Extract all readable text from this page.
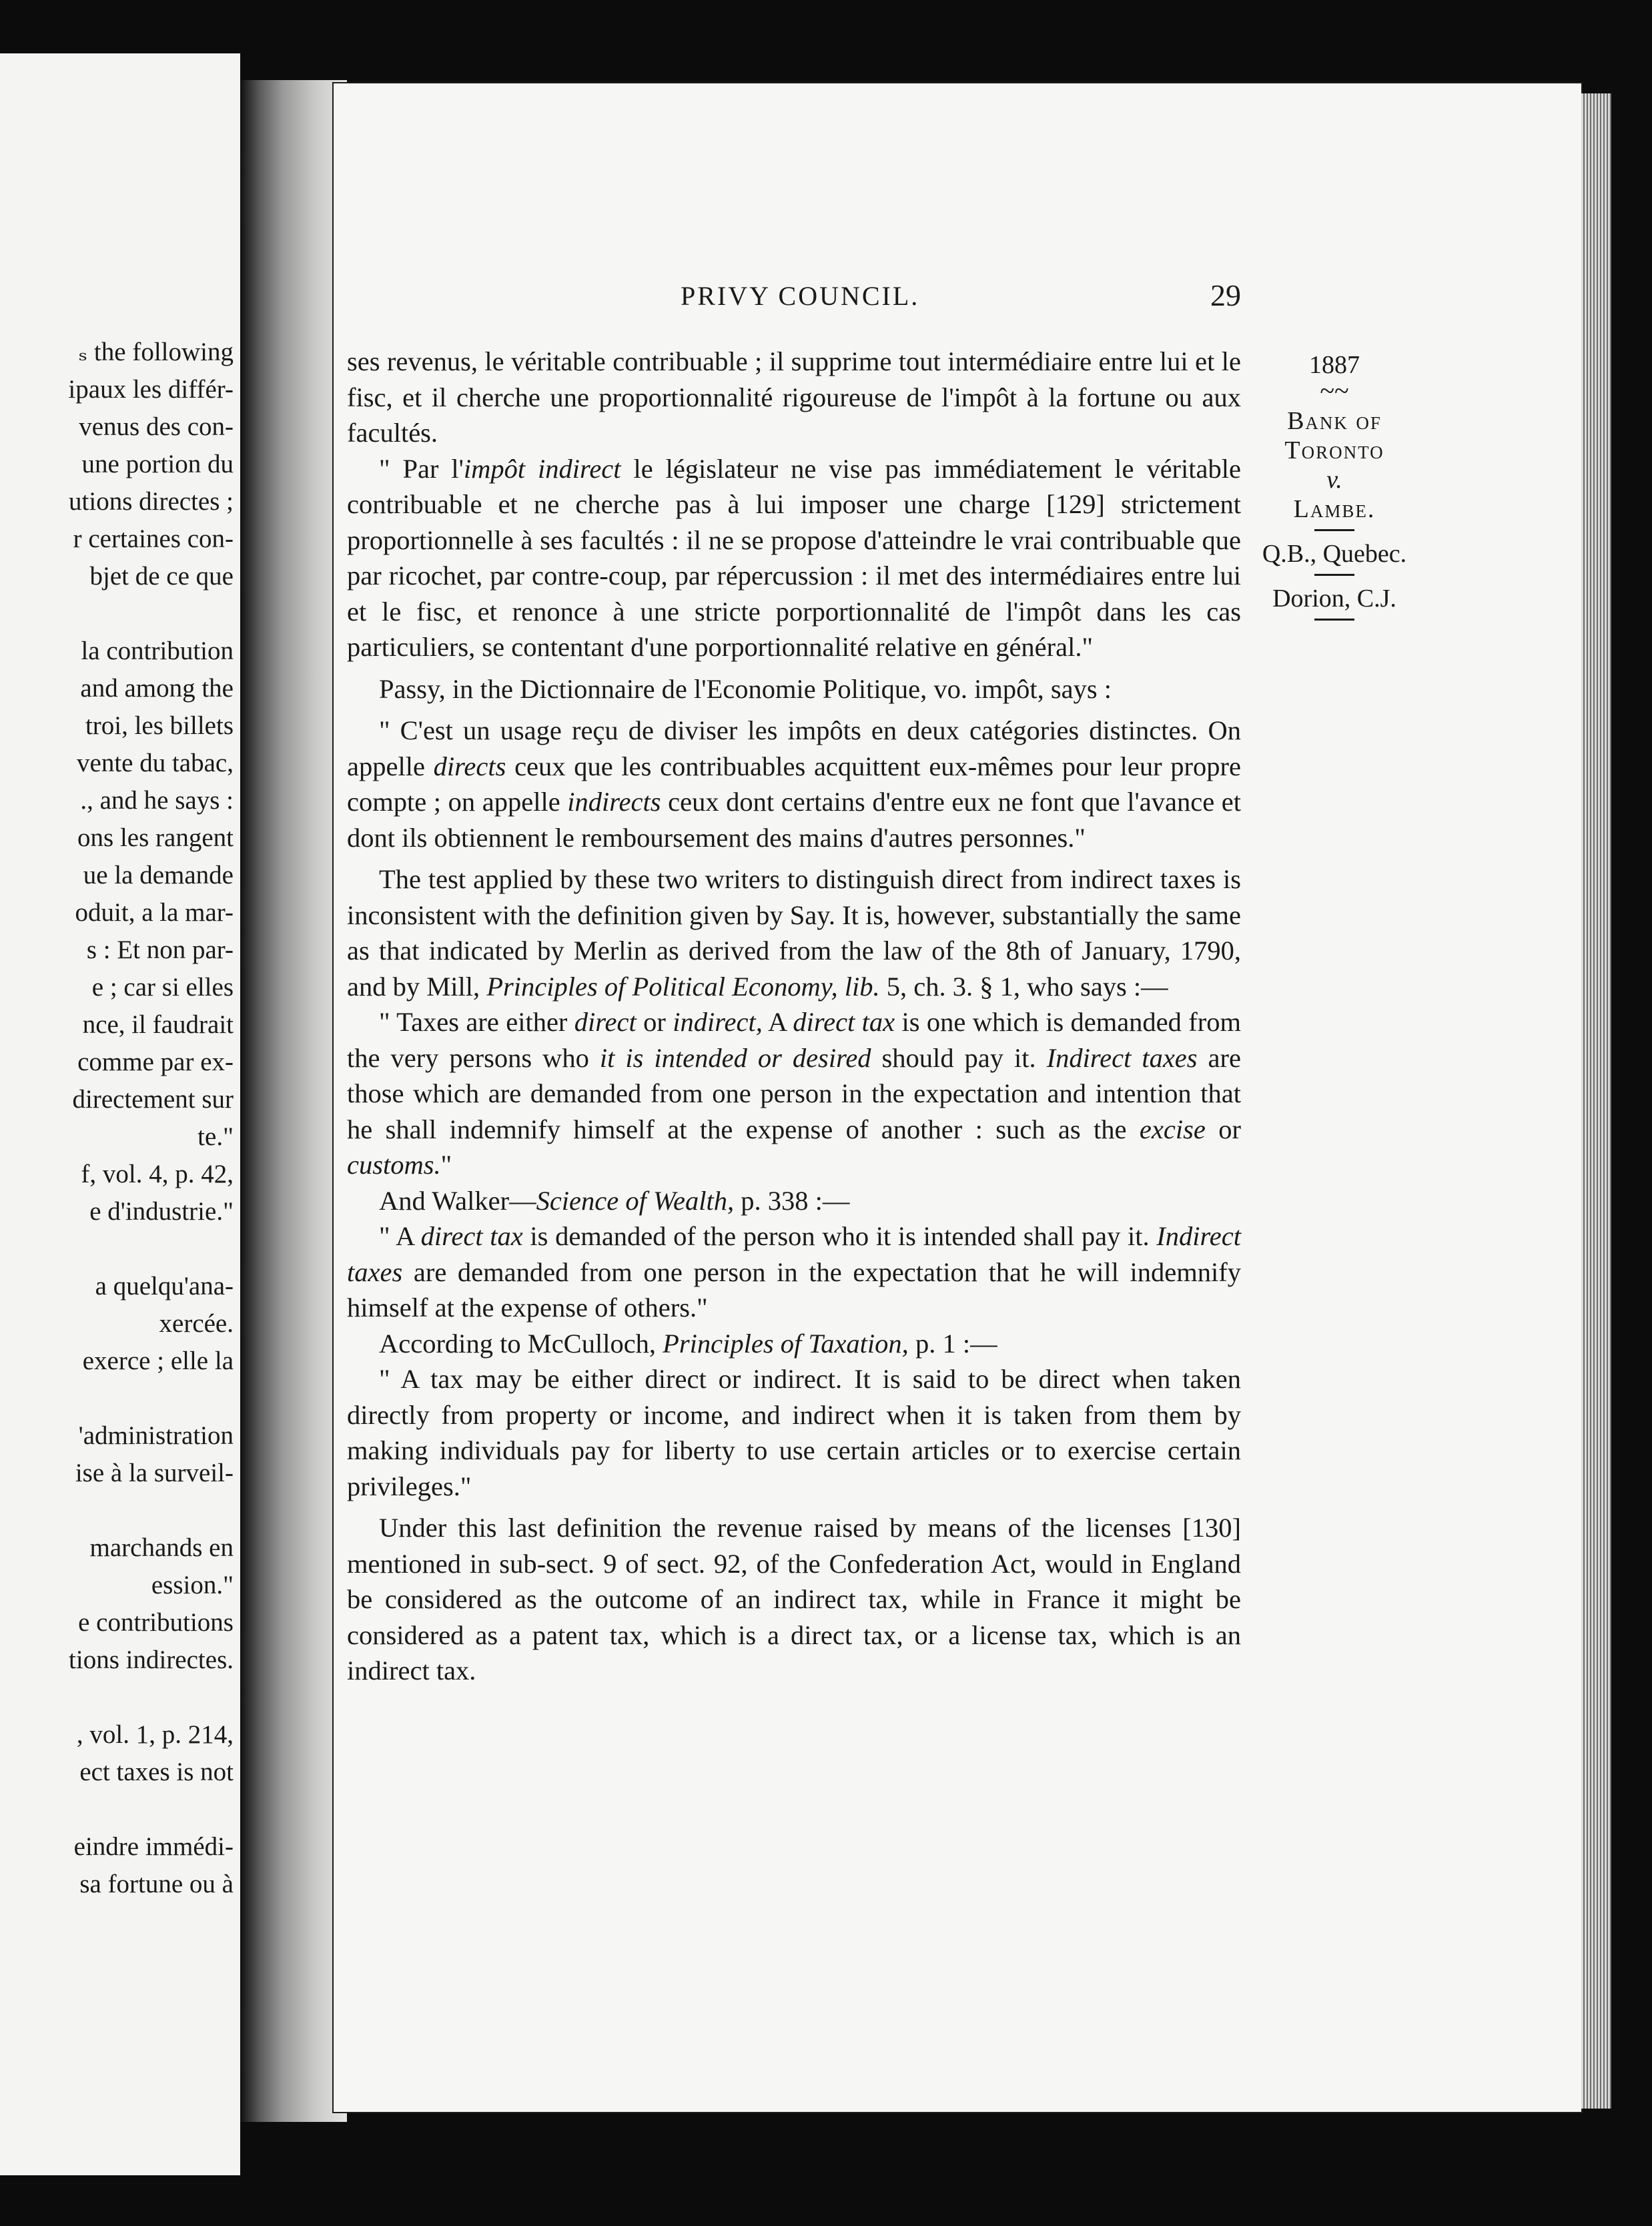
ₛ the following
ipaux les différ-
venus des con-
une portion du
utions directes ;
r certaines con-
bjet de ce que
la contribution
and among the
troi, les billets
vente du tabac,
., and he says :
ons les rangent
ue la demande
oduit, a la mar-
s : Et non par-
e ; car si elles
nce, il faudrait
comme par ex-
directement sur
te."
f, vol. 4, p. 42,
e d'industrie."
a quelqu'ana-
xercée.
exerce ; elle la
'administration
ise à la surveil-
marchands en
ession."
e contributions
tions indirectes.
, vol. 1, p. 214,
ect taxes is not
eindre immédi-
sa fortune ou à
PRIVY COUNCIL.	29
1887
~~
Bank of
Toronto
v.
Lambe.
Q.B., Quebec.
Dorion, C.J.

ses revenus, le véritable contribuable ; il supprime tout intermédiaire entre lui et le fisc, et il cherche une proportionnalité rigoureuse de l'impôt à la fortune ou aux facultés.

" Par l'impôt indirect le législateur ne vise pas immédiatement le véritable contribuable et ne cherche pas à lui imposer une charge [129] strictement proportionnelle à ses facultés : il ne se propose d'atteindre le vrai contribuable que par ricochet, par contre-coup, par répercussion : il met des intermédiaires entre lui et le fisc, et renonce à une stricte porportionnalité de l'impôt dans les cas particuliers, se contentant d'une porportionnalité relative en général."

Passy, in the Dictionnaire de l'Economie Politique, vo. impôt, says :

" C'est un usage reçu de diviser les impôts en deux catégories distinctes. On appelle directs ceux que les contribuables acquittent eux-mêmes pour leur propre compte ; on appelle indirects ceux dont certains d'entre eux ne font que l'avance et dont ils obtiennent le remboursement des mains d'autres personnes."

The test applied by these two writers to distinguish direct from indirect taxes is inconsistent with the definition given by Say. It is, however, substantially the same as that indicated by Merlin as derived from the law of the 8th of January, 1790, and by Mill, Principles of Political Economy, lib. 5, ch. 3. § 1, who says :—

" Taxes are either direct or indirect, A direct tax is one which is demanded from the very persons who it is intended or desired should pay it. Indirect taxes are those which are demanded from one person in the expectation and intention that he shall indemnify himself at the expense of another : such as the excise or customs."

And Walker—Science of Wealth, p. 338 :—

" A direct tax is demanded of the person who it is intended shall pay it. Indirect taxes are demanded from one person in the expectation that he will indemnify himself at the expense of others."

According to McCulloch, Principles of Taxation, p. 1 :—

" A tax may be either direct or indirect. It is said to be direct when taken directly from property or income, and indirect when it is taken from them by making individuals pay for liberty to use certain articles or to exercise certain privileges."

Under this last definition the revenue raised by means of the licenses [130] mentioned in sub-sect. 9 of sect. 92, of the Confederation Act, would in England be considered as the outcome of an indirect tax, while in France it might be considered as a patent tax, which is a direct tax, or a license tax, which is an indirect tax.
